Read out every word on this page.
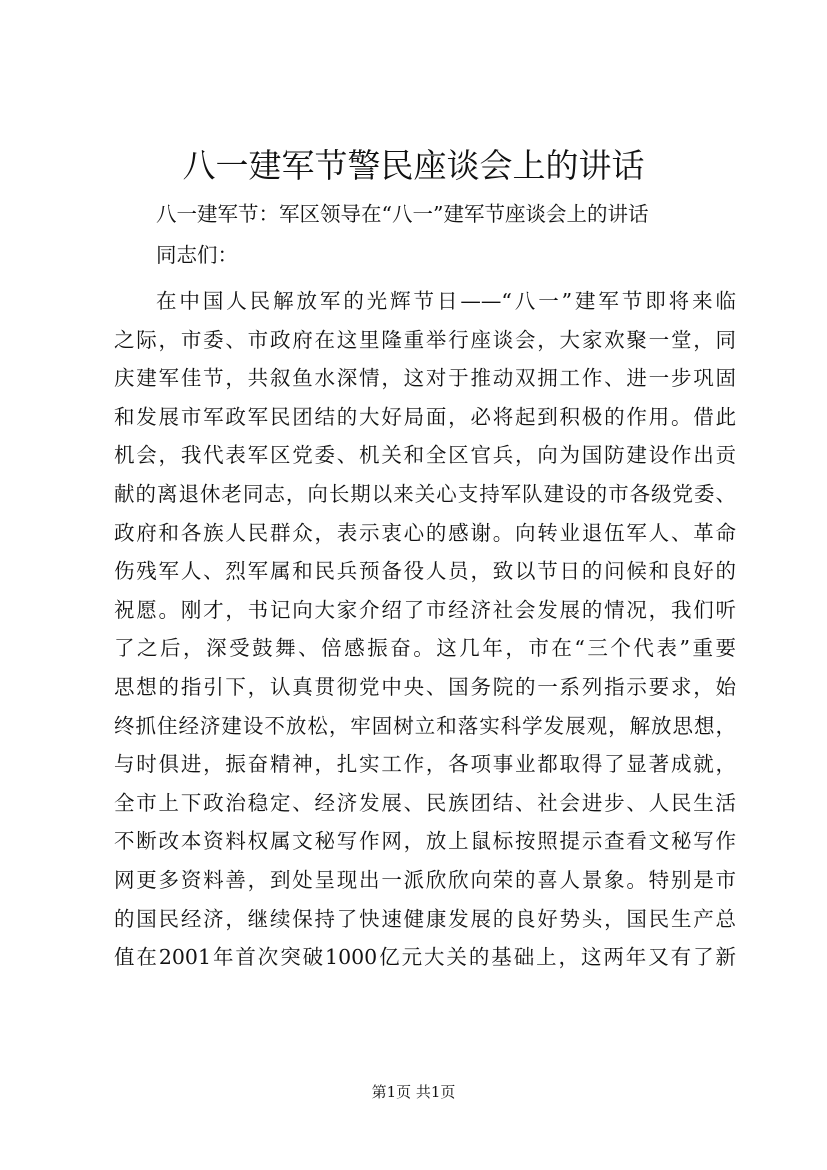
八一建军节警民座谈会上的讲话
八一建军节：军区领导在“八一”建军节座谈会上的讲话
同志们：
在中国人民解放军的光辉节日——“八一”建军节即将来临
之际，市委、市政府在这里隆重举行座谈会，大家欢聚一堂，同
庆建军佳节，共叙鱼水深情，这对于推动双拥工作、进一步巩固
和发展市军政军民团结的大好局面，必将起到积极的作用。借此
机会，我代表军区党委、机关和全区官兵，向为国防建设作出贡
献的离退休老同志，向长期以来关心支持军队建设的市各级党委、
政府和各族人民群众，表示衷心的感谢。向转业退伍军人、革命
伤残军人、烈军属和民兵预备役人员，致以节日的问候和良好的
祝愿。刚才，书记向大家介绍了市经济社会发展的情况，我们听
了之后，深受鼓舞、倍感振奋。这几年，市在“三个代表”重要
思想的指引下，认真贯彻党中央、国务院的一系列指示要求，始
终抓住经济建设不放松，牢固树立和落实科学发展观，解放思想，
与时俱进，振奋精神，扎实工作，各项事业都取得了显著成就，
全市上下政治稳定、经济发展、民族团结、社会进步、人民生活
不断改本资料权属文秘写作网，放上鼠标按照提示查看文秘写作
网更多资料善，到处呈现出一派欣欣向荣的喜人景象。特别是市
的国民经济，继续保持了快速健康发展的良好势头，国民生产总
值在2001年首次突破1000亿元大关的基础上，这两年又有了新
第1页 共1页
